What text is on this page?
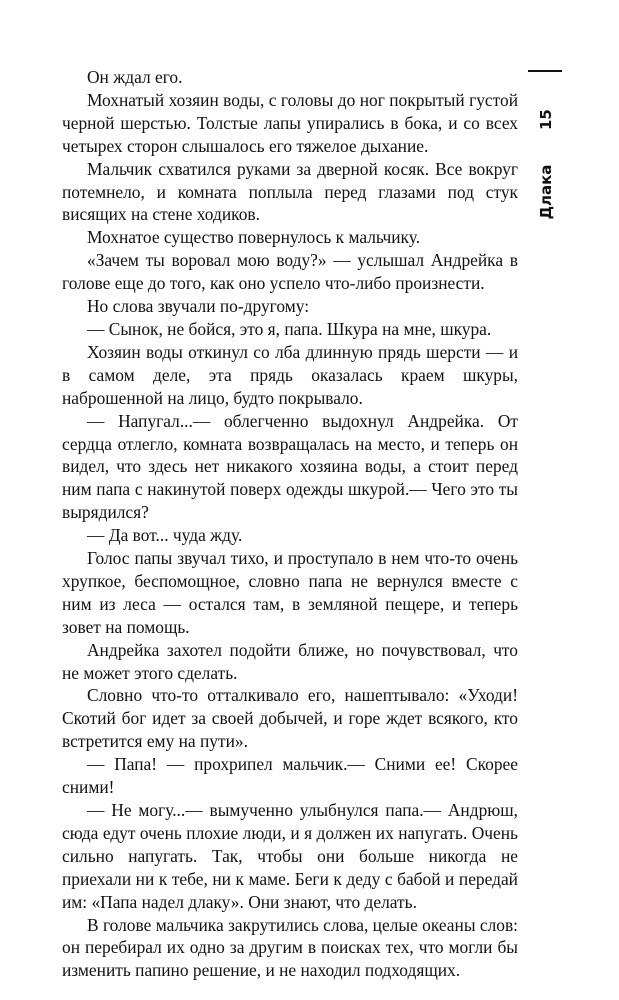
15
Длака

Он ждал его.

Мохнатый хозяин воды, с головы до ног покрытый густой черной шерстью. Толстые лапы упирались в бока, и со всех четырех сторон слышалось его тяжелое дыхание.

Мальчик схватился руками за дверной косяк. Все вокруг потемнело, и комната поплыла перед глазами под стук висящих на стене ходиков.

Мохнатое существо повернулось к мальчику.

«Зачем ты воровал мою воду?» — услышал Андрейка в голове еще до того, как оно успело что-либо произнести.

Но слова звучали по-другому:

— Сынок, не бойся, это я, папа. Шкура на мне, шкура.

Хозяин воды откинул со лба длинную прядь шерсти — и в самом деле, эта прядь оказалась краем шкуры, наброшенной на лицо, будто покрывало.

— Напугал...— облегченно выдохнул Андрейка. От сердца отлегло, комната возвращалась на место, и теперь он видел, что здесь нет никакого хозяина воды, а стоит перед ним папа с накинутой поверх одежды шкурой.— Чего это ты вырядился?

— Да вот... чуда жду.

Голос папы звучал тихо, и проступало в нем что-то очень хрупкое, беспомощное, словно папа не вернулся вместе с ним из леса — остался там, в земляной пещере, и теперь зовет на помощь.

Андрейка захотел подойти ближе, но почувствовал, что не может этого сделать.

Словно что-то отталкивало его, нашептывало: «Уходи! Скотий бог идет за своей добычей, и горе ждет всякого, кто встретится ему на пути».

— Папа! — прохрипел мальчик.— Сними ее! Скорее сними!

— Не могу...— вымученно улыбнулся папа.— Андрюш, сюда едут очень плохие люди, и я должен их напугать. Очень сильно напугать. Так, чтобы они больше никогда не приехали ни к тебе, ни к маме. Беги к деду с бабой и передай им: «Папа надел длаку». Они знают, что делать.

В голове мальчика закрутились слова, целые океаны слов: он перебирал их одно за другим в поисках тех, что могли бы изменить папино решение, и не находил подходящих.
